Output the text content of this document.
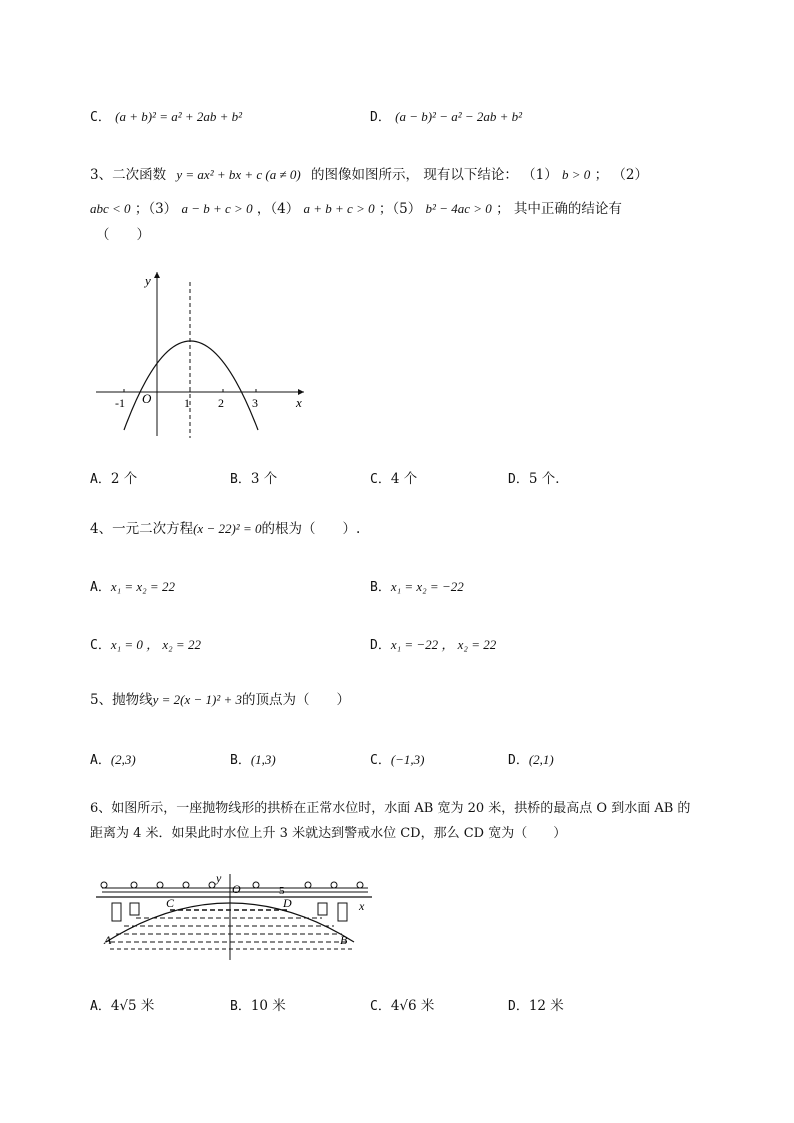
C． (a + b)² = a² + 2ab + b²	D． (a − b)² − a² − 2ab + b²
3、二次函数 y = ax² + bx + c (a ≠ 0) 的图像如图所示， 现有以下结论： （1） b > 0 ； （2）
abc < 0 ；（3） a − b + c > 0 ，（4） a + b + c > 0 ；（5） b² − 4ac > 0 ； 其中正确的结论有
（　　）
y
x
O
-1	1 2 3
A．2 个	B．3 个	C．4 个	D．5 个．
4、一元二次方程(x − 22)² = 0的根为（　　）.
A．x₁ = x₂ = 22	B．x₁ = x₂ = −22
C．x₁ = 0 ， x₂ = 22	D．x₁ = −22 ， x₂ = 22
5、抛物线y = 2(x − 1)² + 3的顶点为（　　）
A．(2,3)	B．(1,3)	C．(−1,3)	D．(2,1)
6、如图所示，一座抛物线形的拱桥在正常水位时，水面 AB 宽为 20 米，拱桥的最高点 O 到水面 AB 的
距离为 4 米．如果此时水位上升 3 米就达到警戒水位 CD，那么 CD 宽为（　　）
y
O	5
x
C	D
A	B
A．4√5 米	B．10 米	C．4√6 米	D．12 米
